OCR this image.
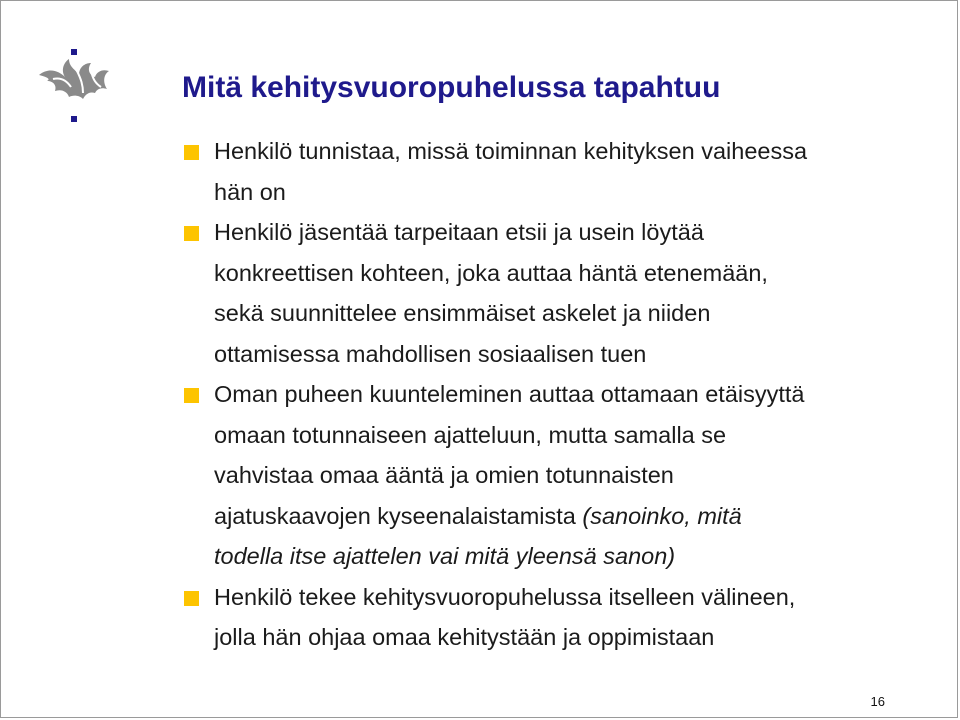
Mitä kehitysvuoropuhelussa tapahtuu
Henkilö tunnistaa, missä toiminnan kehityksen vaiheessa
hän on
Henkilö jäsentää tarpeitaan etsii ja usein löytää
konkreettisen kohteen, joka auttaa häntä etenemään,
sekä suunnittelee ensimmäiset askelet ja niiden
ottamisessa mahdollisen sosiaalisen tuen
Oman puheen kuunteleminen auttaa ottamaan etäisyyttä
omaan totunnaiseen ajatteluun, mutta samalla se
vahvistaa omaa ääntä ja omien totunnaisten
ajatuskaavojen kyseenalaistamista (sanoinko, mitä
todella itse ajattelen vai mitä yleensä sanon)
Henkilö tekee kehitysvuoropuhelussa itselleen välineen,
jolla hän ohjaa omaa kehitystään ja oppimistaan
16
